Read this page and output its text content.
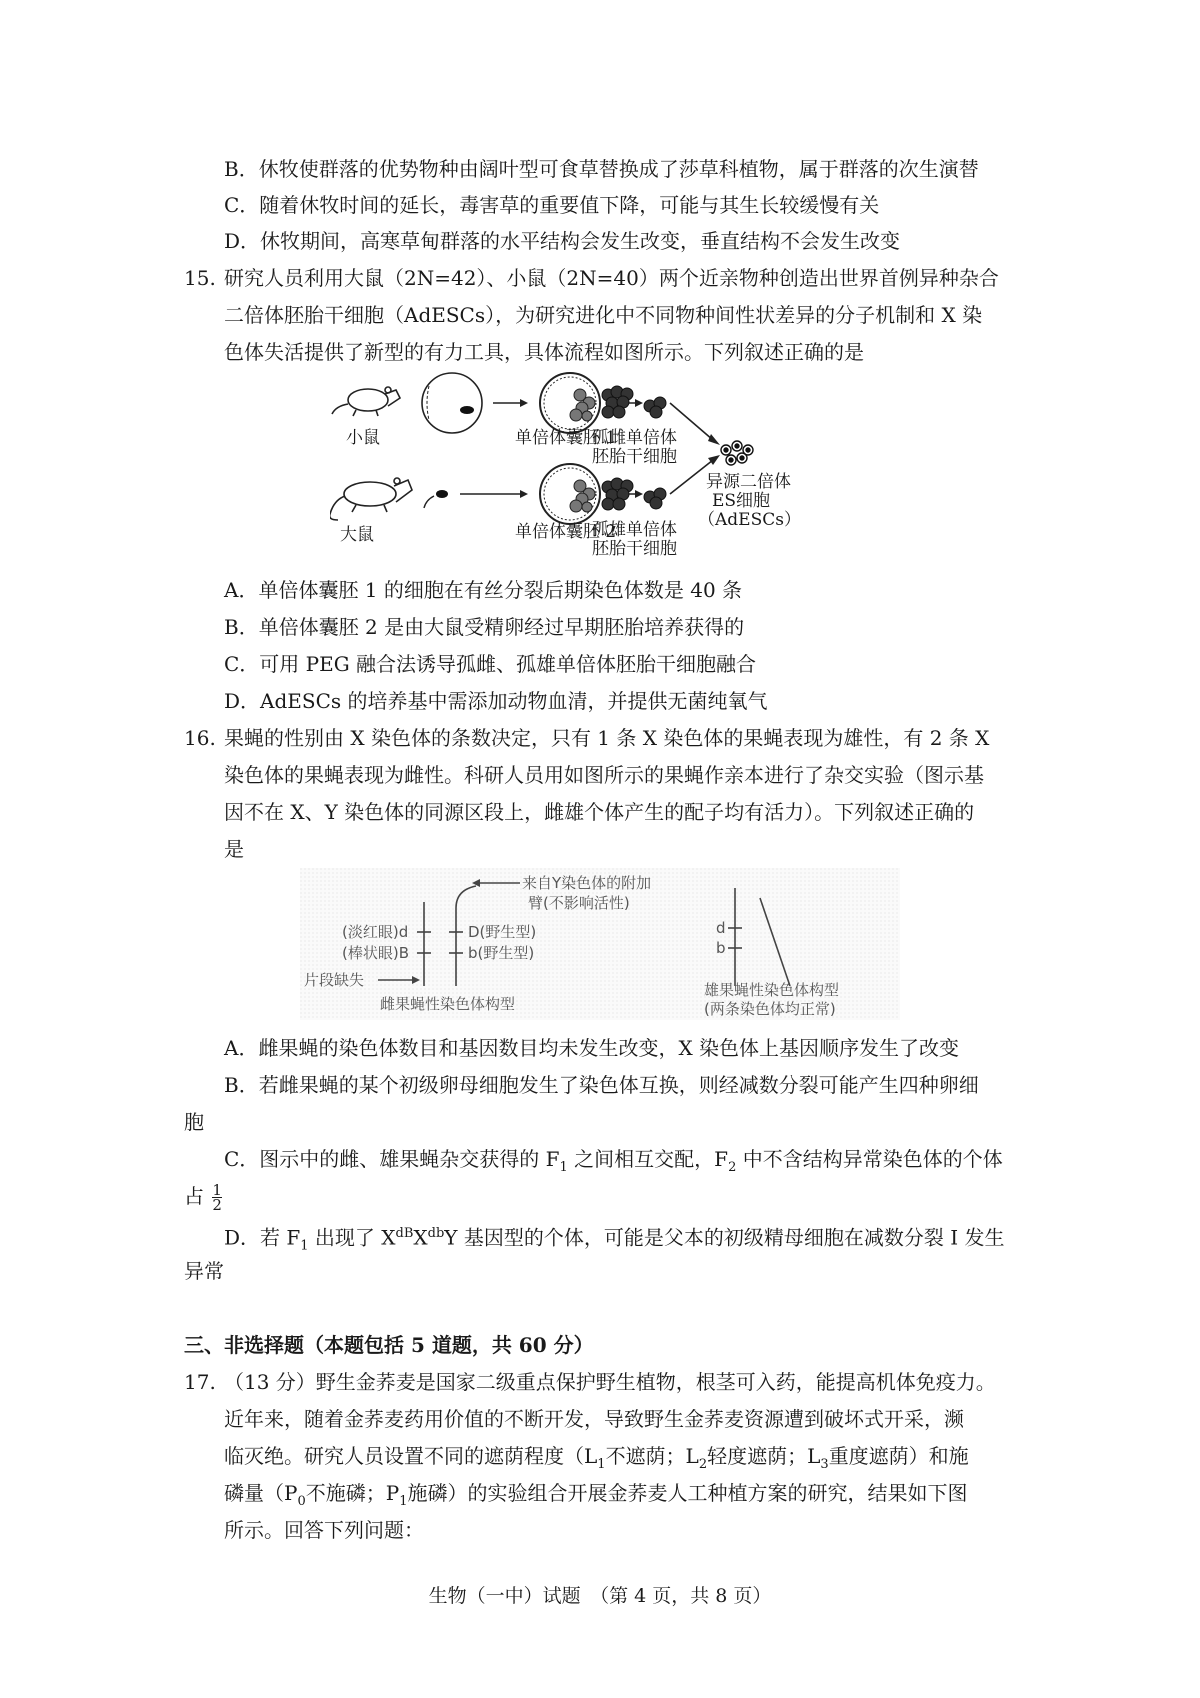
B．休牧使群落的优势物种由阔叶型可食草替换成了莎草科植物，属于群落的次生演替
C．随着休牧时间的延长，毒害草的重要值下降，可能与其生长较缓慢有关
D．休牧期间，高寒草甸群落的水平结构会发生改变，垂直结构不会发生改变
15. 研究人员利用大鼠（2N=42）、小鼠（2N=40）两个近亲物种创造出世界首例异种杂合
二倍体胚胎干细胞（AdESCs），为研究进化中不同物种间性状差异的分子机制和 X 染
色体失活提供了新型的有力工具，具体流程如图所示。下列叙述正确的是
小鼠	单倍体囊胚 1
孤雌单倍体
胚胎干细胞
大鼠	单倍体囊胚 2
孤雄单倍体
胚胎干细胞
异源二倍体
ES细胞
（AdESCs）
A．单倍体囊胚 1 的细胞在有丝分裂后期染色体数是 40 条
B．单倍体囊胚 2 是由大鼠受精卵经过早期胚胎培养获得的
C．可用 PEG 融合法诱导孤雌、孤雄单倍体胚胎干细胞融合
D．AdESCs 的培养基中需添加动物血清，并提供无菌纯氧气
16. 果蝇的性别由 X 染色体的条数决定，只有 1 条 X 染色体的果蝇表现为雄性，有 2 条 X
染色体的果蝇表现为雌性。科研人员用如图所示的果蝇作亲本进行了杂交实验（图示基
因不在 X、Y 染色体的同源区段上，雌雄个体产生的配子均有活力）。下列叙述正确的
是
来自Y染色体的附加
臂(不影响活性)
(淡红眼)d
(棒状眼)B
D(野生型)
b(野生型)
片段缺失
雌果蝇性染色体构型
d
b
雄果蝇性染色体构型
(两条染色体均正常)
A．雌果蝇的染色体数目和基因数目均未发生改变，X 染色体上基因顺序发生了改变
B．若雌果蝇的某个初级卵母细胞发生了染色体互换，则经减数分裂可能产生四种卵细
胞
C．图示中的雌、雄果蝇杂交获得的 $F_1$ 之间相互交配，$F_2$ 中不含结构异常染色体的个体
占 $\frac{1}{2}$
D．若 $F_1$ 出现了 $X^{dB}X^{db}Y$ 基因型的个体，可能是父本的初级精母细胞在减数分裂 I 发生
异常
三、非选择题（本题包括 5 道题，共 60 分）
17. （13 分）野生金荞麦是国家二级重点保护野生植物，根茎可入药，能提高机体免疫力。
近年来，随着金荞麦药用价值的不断开发，导致野生金荞麦资源遭到破坏式开采，濒
临灭绝。研究人员设置不同的遮荫程度（$L_1$不遮荫；$L_2$轻度遮荫；$L_3$重度遮荫）和施
磷量（$P_0$不施磷；$P_1$施磷）的实验组合开展金荞麦人工种植方案的研究，结果如下图
所示。回答下列问题：
生物（一中）试题　（第 4 页，共 8 页）
